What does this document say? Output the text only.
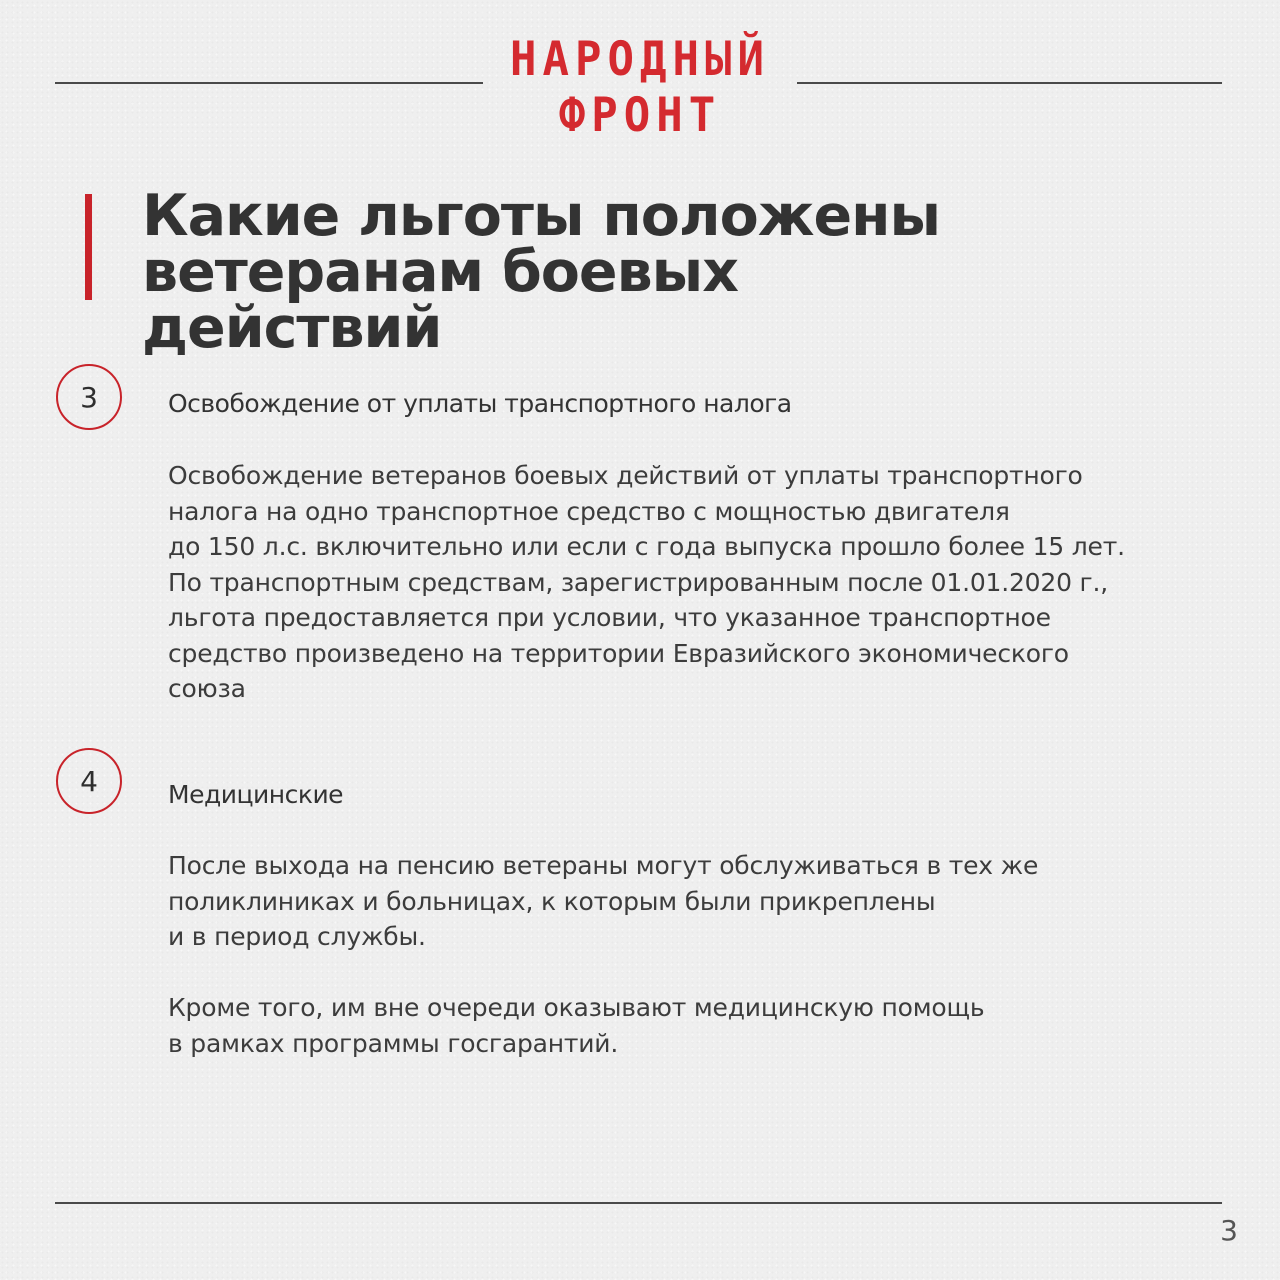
НАРОДНЫЙ
ФРОНТ
Какие льготы положены
ветеранам боевых
действий
3	Освобождение от уплаты транспортного налога

Освобождение ветеранов боевых действий от уплаты транспортного
налога на одно транспортное средство с мощностью двигателя
до 150 л.с. включительно или если с года выпуска прошло более 15 лет.
По транспортным средствам, зарегистрированным после 01.01.2020 г.,
льгота предоставляется при условии, что указанное транспортное
средство произведено на территории Евразийского экономического
союза

4	Медицинские

После выхода на пенсию ветераны могут обслуживаться в тех же
поликлиниках и больницах, к которым были прикреплены
и в период службы.

Кроме того, им вне очереди оказывают медицинскую помощь
в рамках программы госгарантий.

3
